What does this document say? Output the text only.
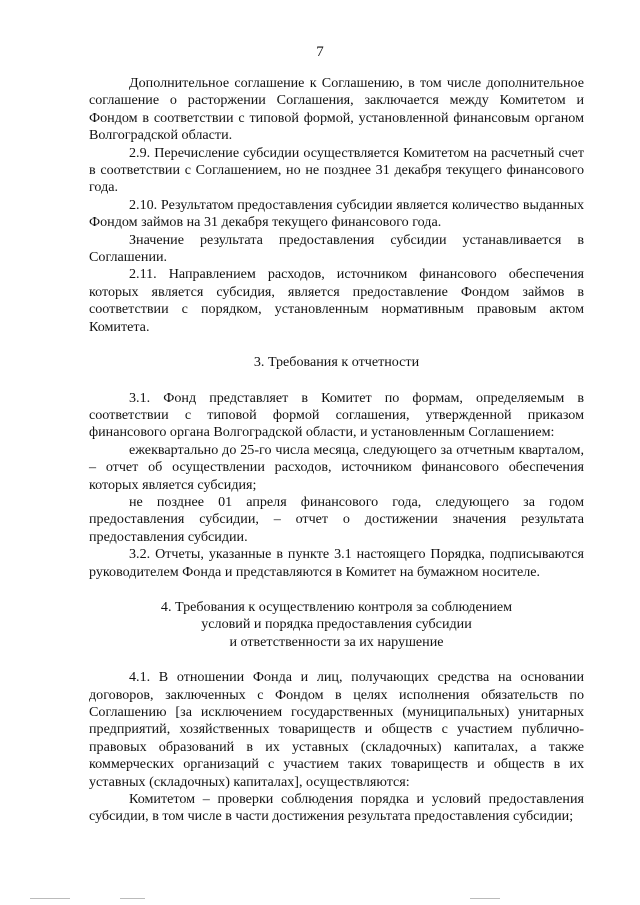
7

Дополнительное соглашение к Соглашению, в том числе дополнительное соглашение о расторжении Соглашения, заключается между Комитетом и Фондом в соответствии с типовой формой, установленной финансовым органом Волгоградской области.

2.9. Перечисление субсидии осуществляется Комитетом на расчетный счет в соответствии с Соглашением, но не позднее 31 декабря текущего финансового года.

2.10. Результатом предоставления субсидии является количество выданных Фондом займов на 31 декабря текущего финансового года.

Значение результата предоставления субсидии устанавливается в Соглашении.

2.11. Направлением расходов, источником финансового обеспечения которых является субсидия, является предоставление Фондом займов в соответствии с порядком, установленным нормативным правовым актом Комитета.

3. Требования к отчетности

3.1. Фонд представляет в Комитет по формам, определяемым в соответствии с типовой формой соглашения, утвержденной приказом финансового органа Волгоградской области, и установленным Соглашением:

ежеквартально до 25-го числа месяца, следующего за отчетным кварталом, – отчет об осуществлении расходов, источником финансового обеспечения которых является субсидия;

не позднее 01 апреля финансового года, следующего за годом предоставления субсидии, – отчет о достижении значения результата предоставления субсидии.

3.2. Отчеты, указанные в пункте 3.1 настоящего Порядка, подписываются руководителем Фонда и представляются в Комитет на бумажном носителе.

4. Требования к осуществлению контроля за соблюдением
условий и порядка предоставления субсидии
и ответственности за их нарушение

4.1. В отношении Фонда и лиц, получающих средства на основании договоров, заключенных с Фондом в целях исполнения обязательств по Соглашению [за исключением государственных (муниципальных) унитарных предприятий, хозяйственных товариществ и обществ с участием публично-правовых образований в их уставных (складочных) капиталах, а также коммерческих организаций с участием таких товариществ и обществ в их уставных (складочных) капиталах], осуществляются:

Комитетом – проверки соблюдения порядка и условий предоставления субсидии, в том числе в части достижения результата предоставления субсидии;
